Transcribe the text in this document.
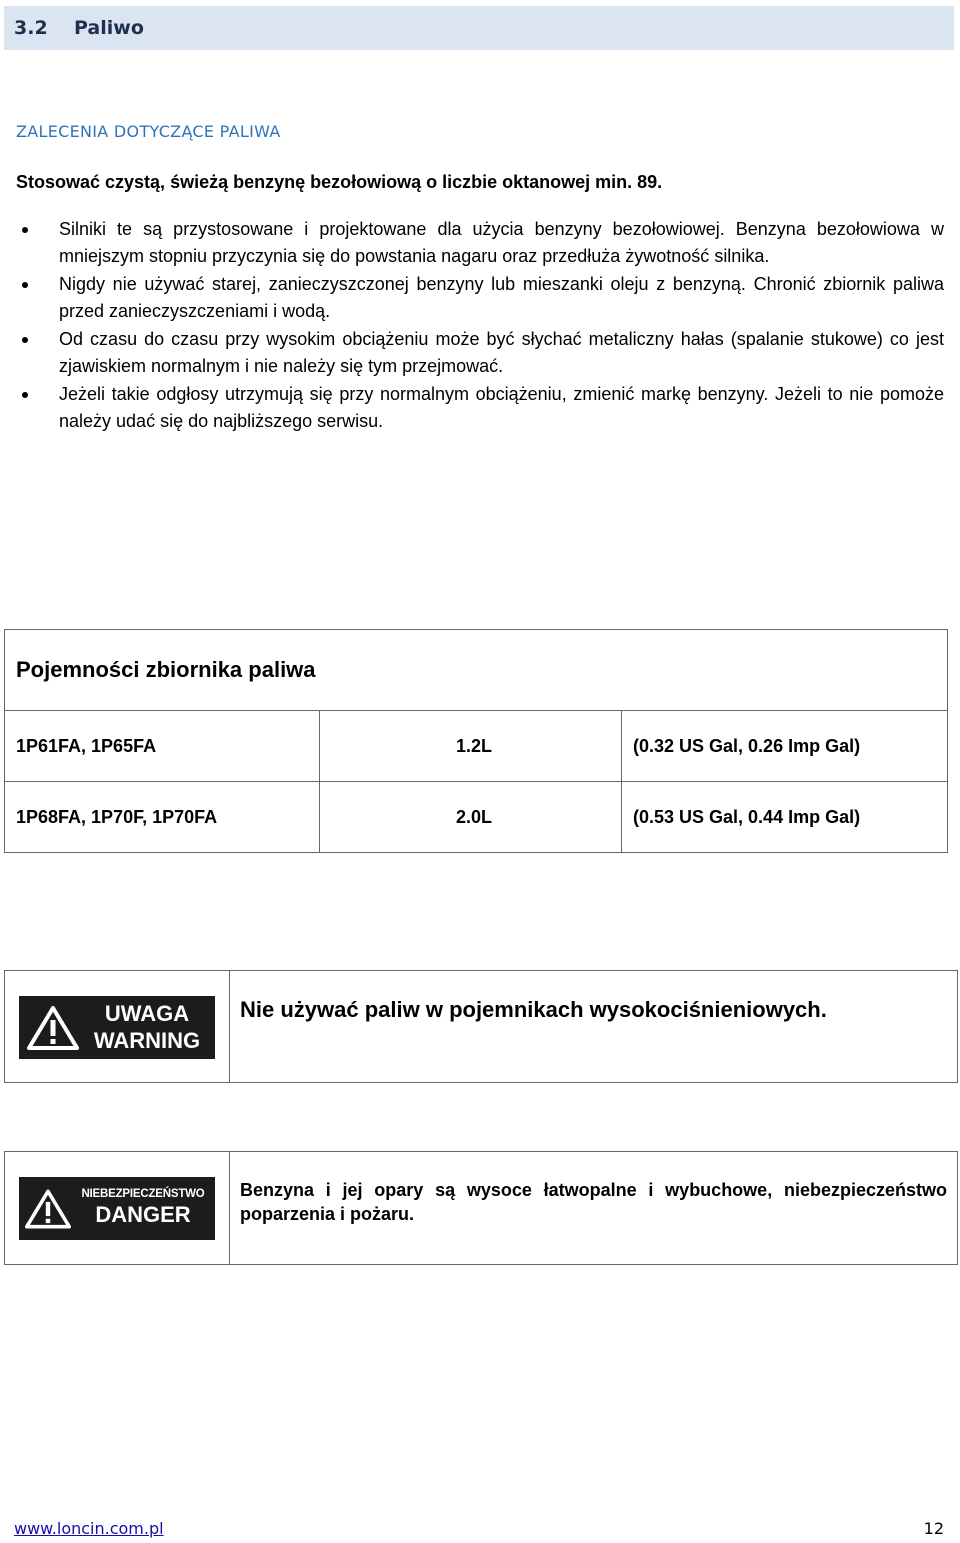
3.2 Paliwo
ZALECENIA DOTYCZĄCE PALIWA
Stosować czystą, świeżą benzynę bezołowiową o liczbie oktanowej min. 89.
Silniki te są przystosowane i projektowane dla użycia benzyny bezołowiowej. Benzyna bezołowiowa w mniejszym stopniu przyczynia się do powstania nagaru oraz przedłuża żywotność silnika.
Nigdy nie używać starej, zanieczyszczonej benzyny lub mieszanki oleju z benzyną. Chronić zbiornik paliwa przed zanieczyszczeniami i wodą.
Od czasu do czasu przy wysokim obciążeniu może być słychać metaliczny hałas (spalanie stukowe) co jest zjawiskiem normalnym i nie należy się tym przejmować.
Jeżeli takie odgłosy utrzymują się przy normalnym obciążeniu, zmienić markę benzyny. Jeżeli to nie pomoże należy udać się do najbliższego serwisu.
Pojemności zbiornika paliwa		
1P61FA, 1P65FA	1.2L	(0.32 US Gal, 0.26 Imp Gal)
1P68FA, 1P70F, 1P70FA	2.0L	(0.53 US Gal, 0.44 Imp Gal)
UWAGA
WARNING
Nie używać paliw w pojemnikach wysokociśnieniowych.
NIEBEZPIECZEŃSTWO
DANGER
Benzyna i jej opary są wysoce łatwopalne i wybuchowe, niebezpieczeństwo poparzenia i pożaru.
www.loncin.com.pl	12
